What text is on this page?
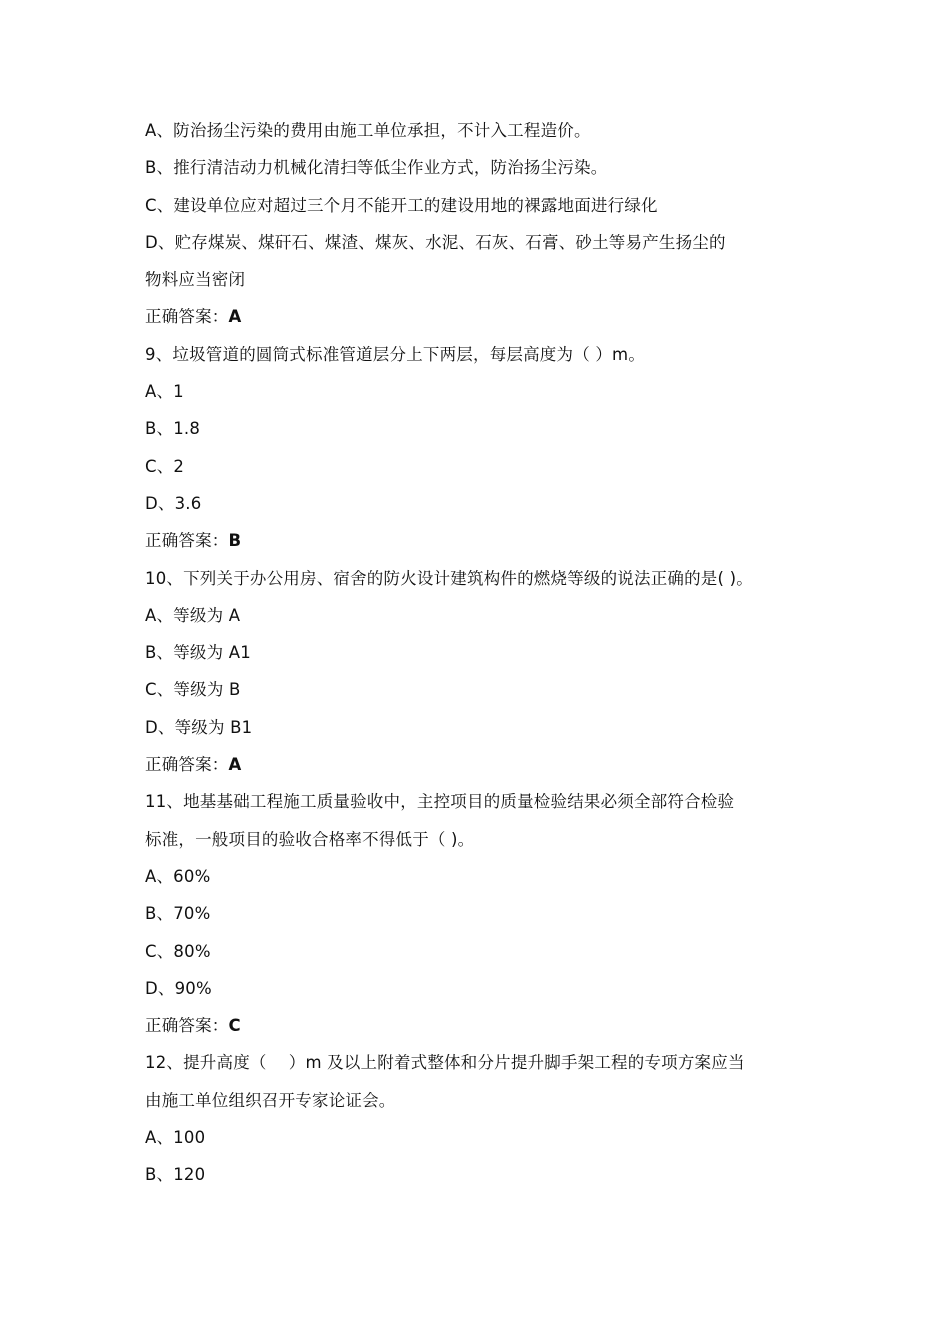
A、防治扬尘污染的费用由施工单位承担，不计入工程造价。
B、推行清洁动力机械化清扫等低尘作业方式，防治扬尘污染。
C、建设单位应对超过三个月不能开工的建设用地的裸露地面进行绿化
D、贮存煤炭、煤矸石、煤渣、煤灰、水泥、石灰、石膏、砂土等易产生扬尘的
物料应当密闭
正确答案：A
9、垃圾管道的圆筒式标准管道层分上下两层，每层高度为（ ）m。
A、1
B、1.8
C、2
D、3.6
正确答案：B
10、下列关于办公用房、宿舍的防火设计建筑构件的燃烧等级的说法正确的是( )。
A、等级为 A
B、等级为 A1
C、等级为 B
D、等级为 B1
正确答案：A
11、地基基础工程施工质量验收中，主控项目的质量检验结果必须全部符合检验
标准，一般项目的验收合格率不得低于（ )。
A、60%
B、70%
C、80%
D、90%
正确答案：C
12、提升高度（　 ）m 及以上附着式整体和分片提升脚手架工程的专项方案应当
由施工单位组织召开专家论证会。
A、100
B、120
